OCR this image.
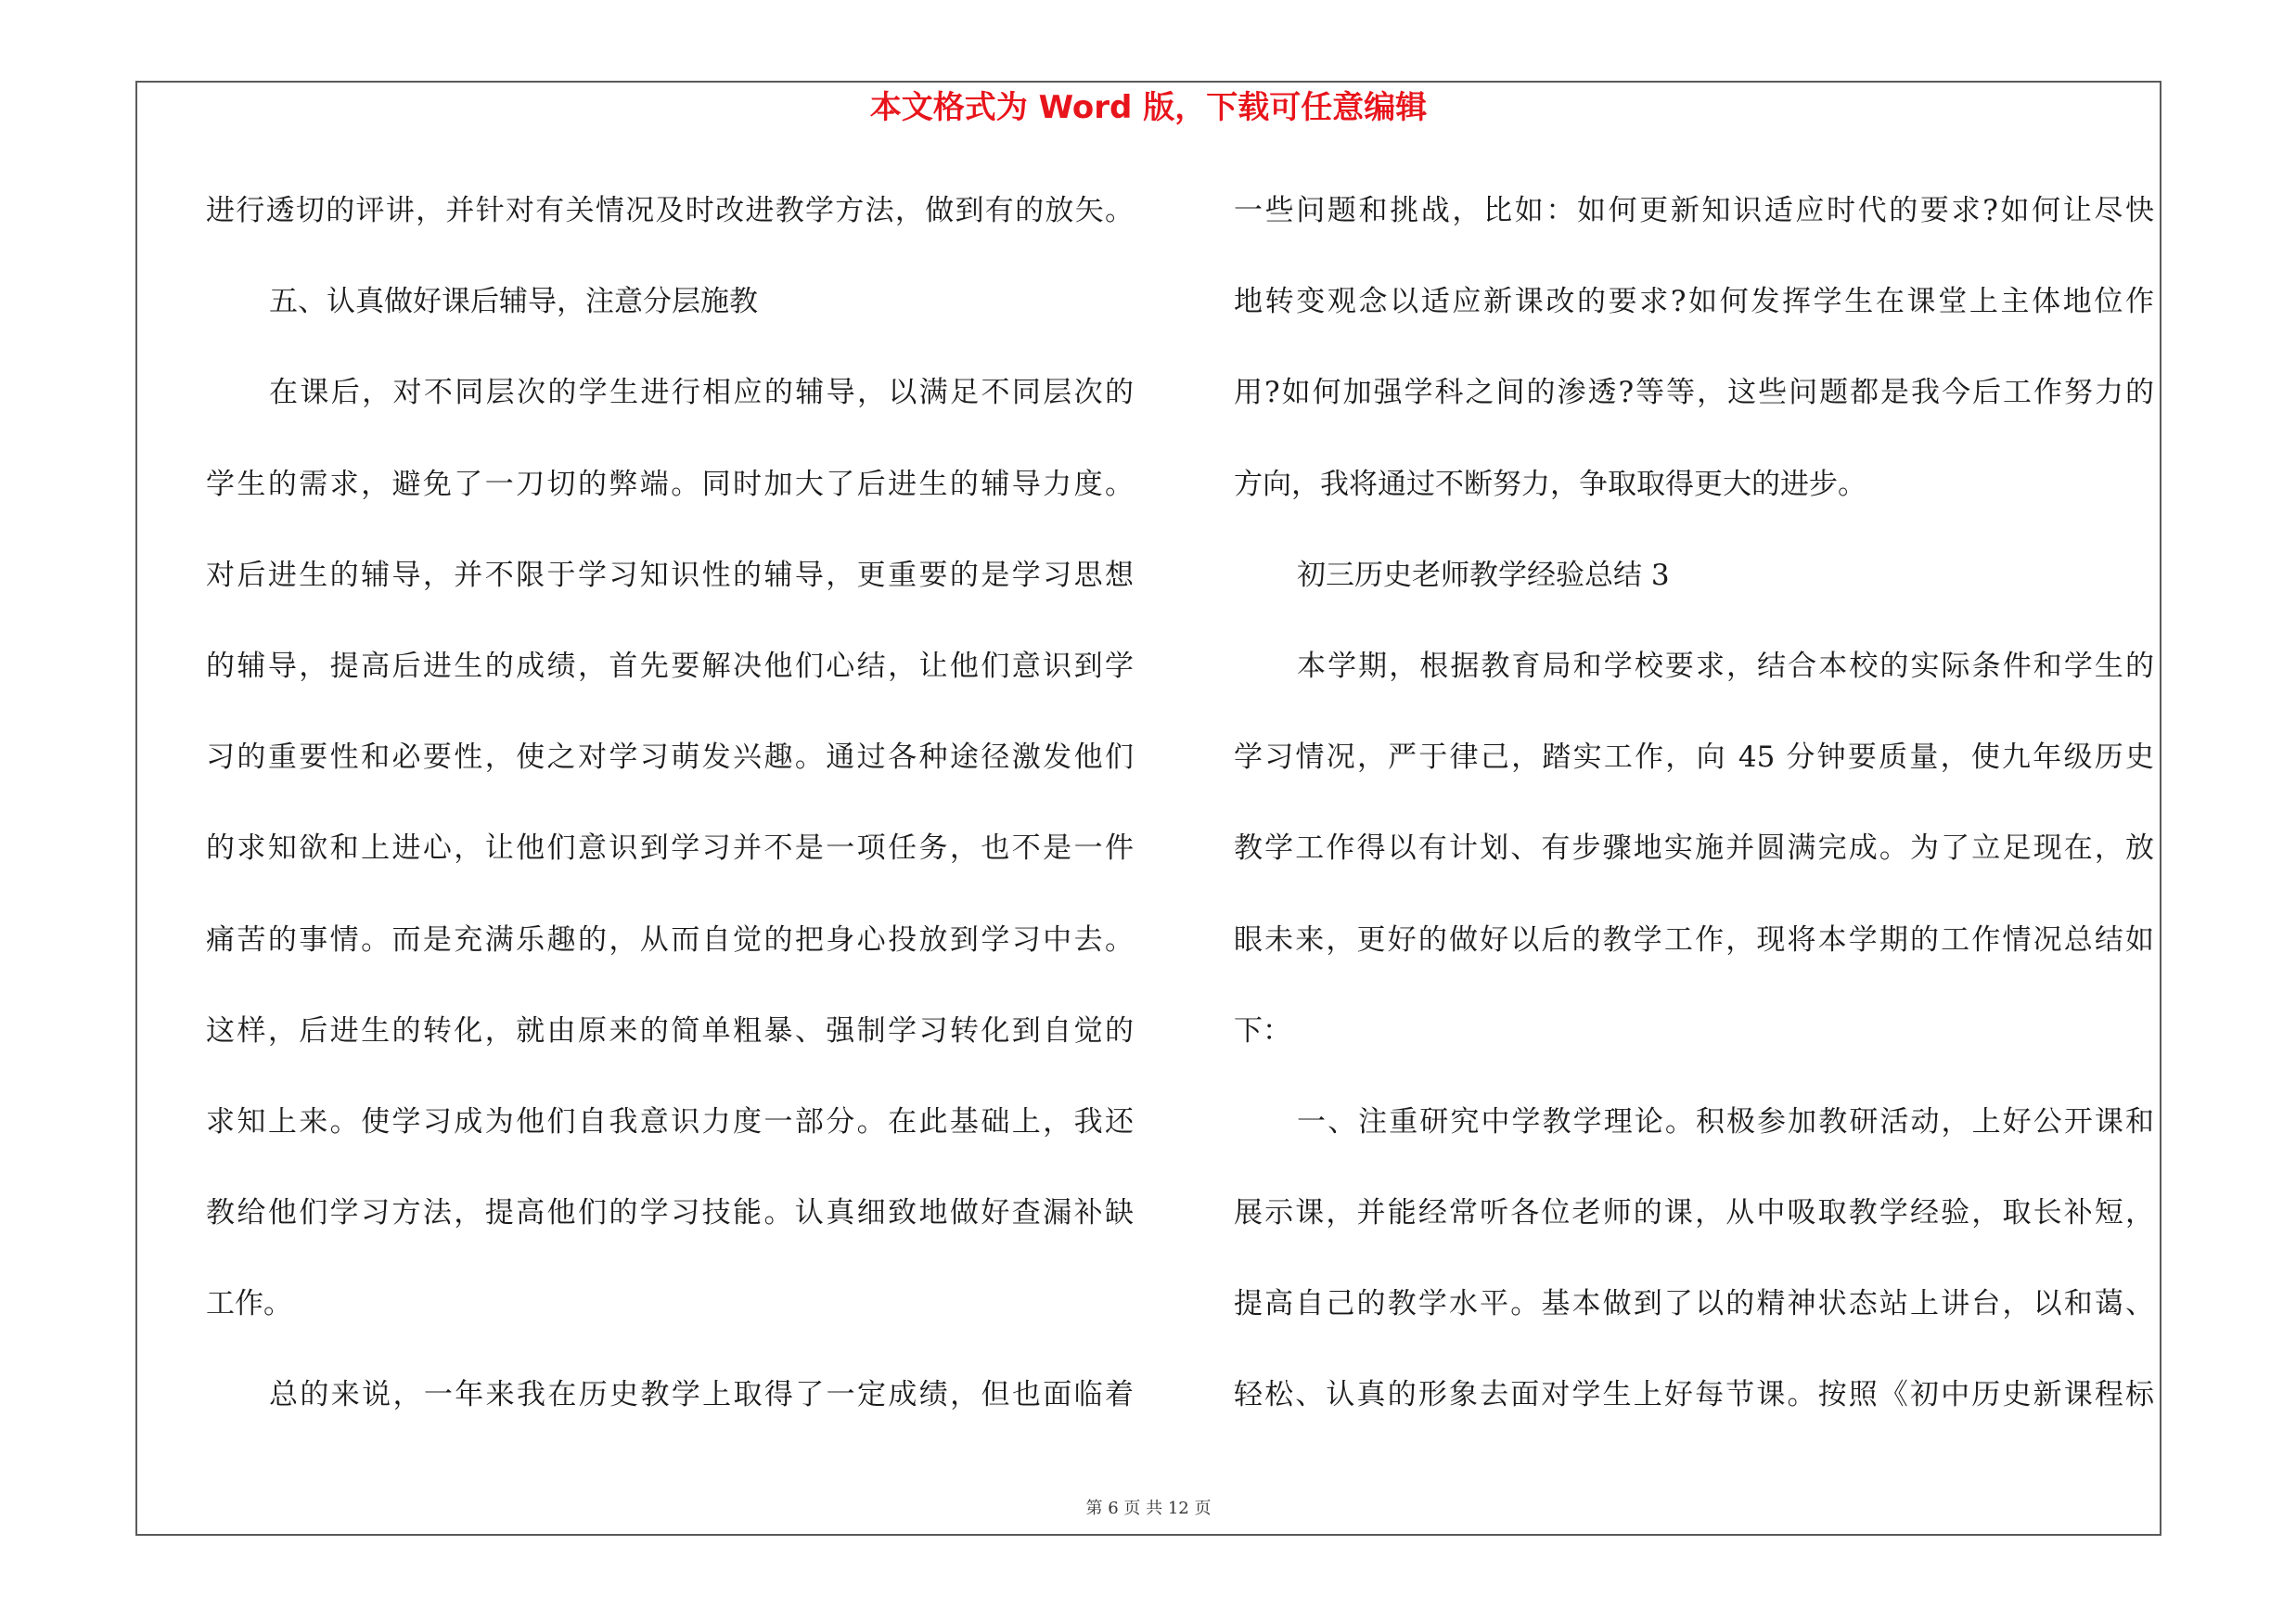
本文格式为 Word 版，下载可任意编辑
进行透切的评讲，并针对有关情况及时改进教学方法，做到有的放矢。
五、认真做好课后辅导，注意分层施教
在课后，对不同层次的学生进行相应的辅导，以满足不同层次的
学生的需求，避免了一刀切的弊端。同时加大了后进生的辅导力度。
对后进生的辅导，并不限于学习知识性的辅导，更重要的是学习思想
的辅导，提高后进生的成绩，首先要解决他们心结，让他们意识到学
习的重要性和必要性，使之对学习萌发兴趣。通过各种途径激发他们
的求知欲和上进心，让他们意识到学习并不是一项任务，也不是一件
痛苦的事情。而是充满乐趣的，从而自觉的把身心投放到学习中去。
这样，后进生的转化，就由原来的简单粗暴、强制学习转化到自觉的
求知上来。使学习成为他们自我意识力度一部分。在此基础上，我还
教给他们学习方法，提高他们的学习技能。认真细致地做好查漏补缺
工作。
总的来说，一年来我在历史教学上取得了一定成绩，但也面临着
一些问题和挑战，比如：如何更新知识适应时代的要求?如何让尽快
地转变观念以适应新课改的要求?如何发挥学生在课堂上主体地位作
用?如何加强学科之间的渗透?等等，这些问题都是我今后工作努力的
方向，我将通过不断努力，争取取得更大的进步。
初三历史老师教学经验总结 3
本学期，根据教育局和学校要求，结合本校的实际条件和学生的
学习情况，严于律己，踏实工作，向 45 分钟要质量，使九年级历史
教学工作得以有计划、有步骤地实施并圆满完成。为了立足现在，放
眼未来，更好的做好以后的教学工作，现将本学期的工作情况总结如
下：
一、注重研究中学教学理论。积极参加教研活动，上好公开课和
展示课，并能经常听各位老师的课，从中吸取教学经验，取长补短，
提高自己的教学水平。基本做到了以的精神状态站上讲台，以和蔼、
轻松、认真的形象去面对学生上好每节课。按照《初中历史新课程标
第 6 页 共 12 页
